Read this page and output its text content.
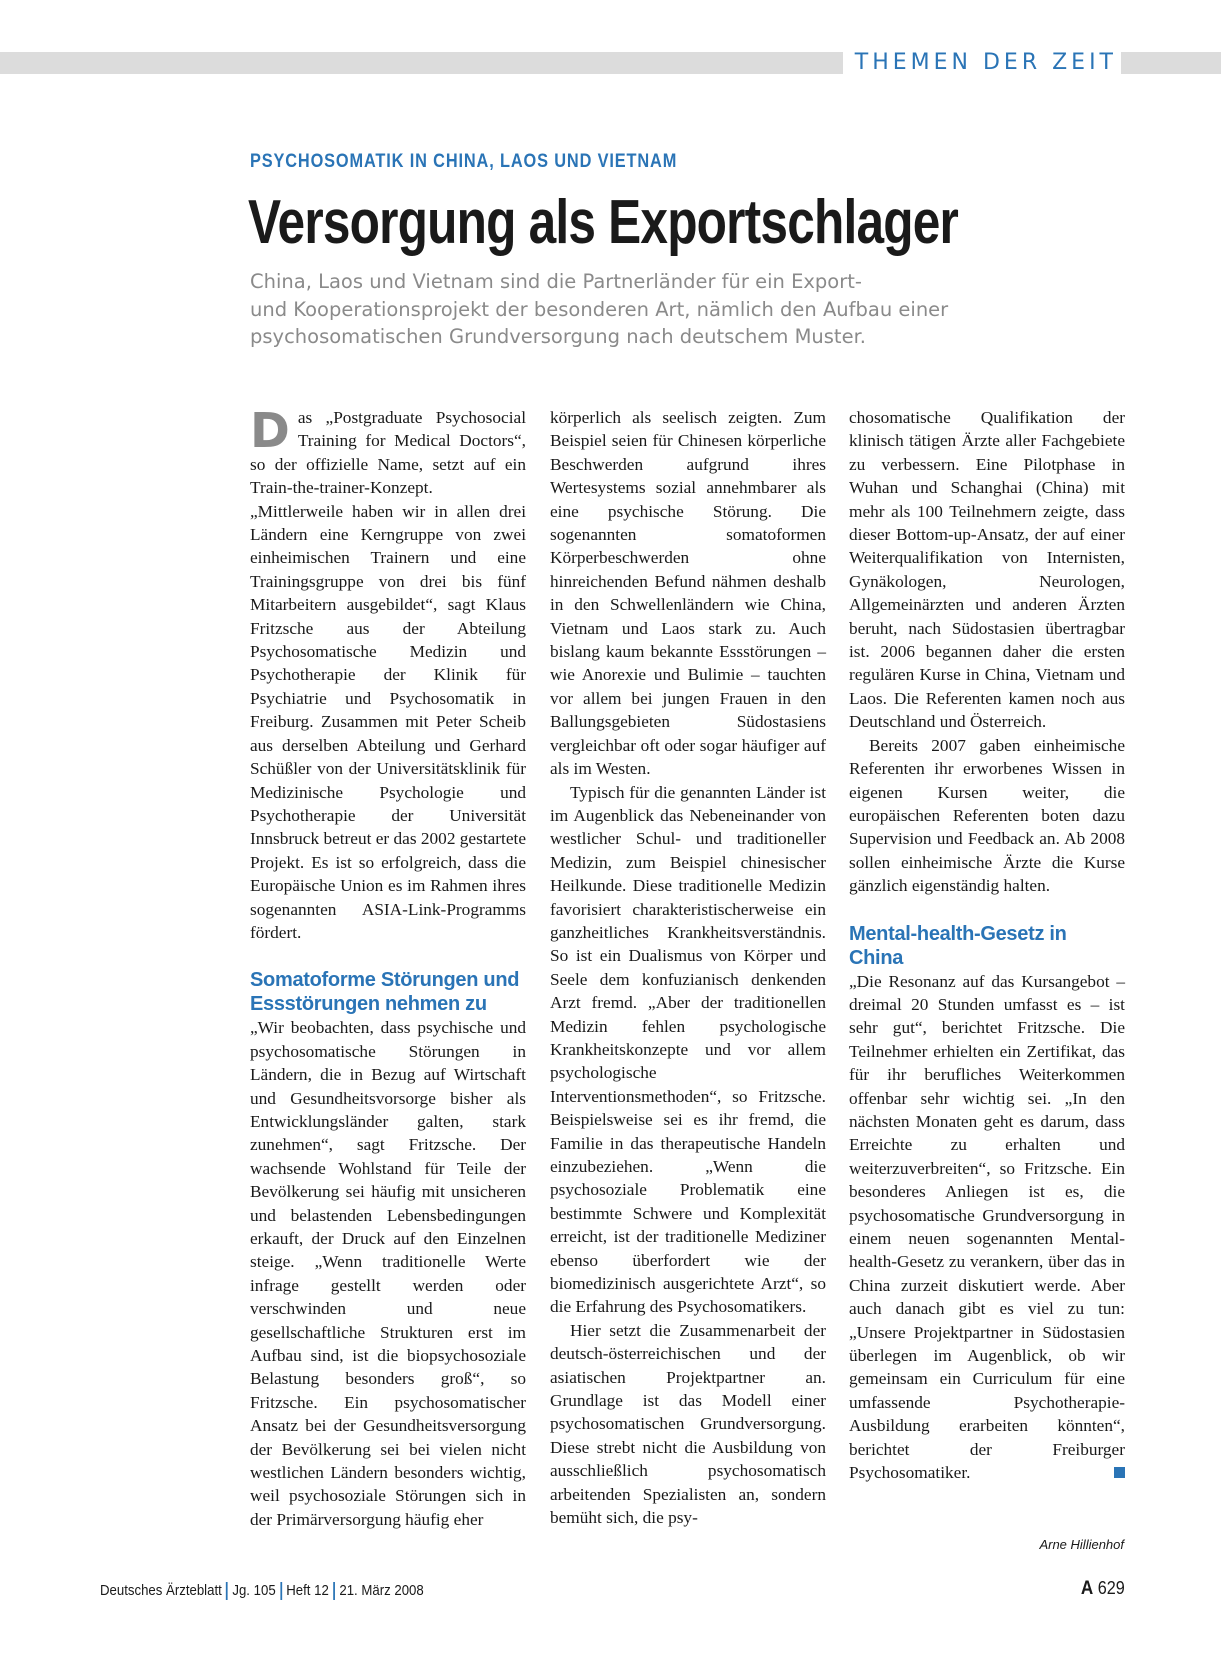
THEMEN DER ZEIT
PSYCHOSOMATIK IN CHINA, LAOS UND VIETNAM
Versorgung als Exportschlager
China, Laos und Vietnam sind die Partnerländer für ein Export-
und Kooperationsprojekt der besonderen Art, nämlich den Aufbau einer
psychosomatischen Grundversorgung nach deutschem Muster.

Das „Postgraduate Psychosocial Training for Medical Doctors“, so der offizielle Name, setzt auf ein Train-the-trainer-Konzept. „Mittlerweile haben wir in allen drei Ländern eine Kerngruppe von zwei einheimischen Trainern und eine Trainingsgruppe von drei bis fünf Mitarbeitern ausgebildet“, sagt Klaus Fritzsche aus der Abteilung Psychosomatische Medizin und Psychotherapie der Klinik für Psychiatrie und Psychosomatik in Freiburg. Zusammen mit Peter Scheib aus derselben Abteilung und Gerhard Schüßler von der Universitätsklinik für Medizinische Psychologie und Psychotherapie der Universität Innsbruck betreut er das 2002 gestartete Projekt. Es ist so erfolgreich, dass die Europäische Union es im Rahmen ihres sogenannten ASIA-Link-Programms fördert.

Somatoforme Störungen und Essstörungen nehmen zu

„Wir beobachten, dass psychische und psychosomatische Störungen in Ländern, die in Bezug auf Wirtschaft und Gesundheitsvorsorge bisher als Entwicklungsländer galten, stark zunehmen“, sagt Fritzsche. Der wachsende Wohlstand für Teile der Bevölkerung sei häufig mit unsicheren und belastenden Lebensbedingungen erkauft, der Druck auf den Einzelnen steige. „Wenn traditionelle Werte infrage gestellt werden oder verschwinden und neue gesellschaftliche Strukturen erst im Aufbau sind, ist die biopsychosoziale Belastung besonders groß“, so Fritzsche. Ein psychosomatischer Ansatz bei der Gesundheitsversorgung der Bevölkerung sei bei vielen nicht westlichen Ländern besonders wichtig, weil psychosoziale Störungen sich in der Primärversorgung häufig eher

körperlich als seelisch zeigten. Zum Beispiel seien für Chinesen körperliche Beschwerden aufgrund ihres Wertesystems sozial annehmbarer als eine psychische Störung. Die sogenannten somatoformen Körperbeschwerden ohne hinreichenden Befund nähmen deshalb in den Schwellenländern wie China, Vietnam und Laos stark zu. Auch bislang kaum bekannte Essstörungen – wie Anorexie und Bulimie – tauchten vor allem bei jungen Frauen in den Ballungsgebieten Südostasiens vergleichbar oft oder sogar häufiger auf als im Westen.

Typisch für die genannten Länder ist im Augenblick das Nebeneinander von westlicher Schul- und traditioneller Medizin, zum Beispiel chinesischer Heilkunde. Diese traditionelle Medizin favorisiert charakteristischerweise ein ganzheitliches Krankheitsverständnis. So ist ein Dualismus von Körper und Seele dem konfuzianisch denkenden Arzt fremd. „Aber der traditionellen Medizin fehlen psychologische Krankheitskonzepte und vor allem psychologische Interventionsmethoden“, so Fritzsche. Beispielsweise sei es ihr fremd, die Familie in das therapeutische Handeln einzubeziehen. „Wenn die psychosoziale Problematik eine bestimmte Schwere und Komplexität erreicht, ist der traditionelle Mediziner ebenso überfordert wie der biomedizinisch ausgerichtete Arzt“, so die Erfahrung des Psychosomatikers.

Hier setzt die Zusammenarbeit der deutsch-österreichischen und der asiatischen Projektpartner an. Grundlage ist das Modell einer psychosomatischen Grundversorgung. Diese strebt nicht die Ausbildung von ausschließlich psychosomatisch arbeitenden Spezialisten an, sondern bemüht sich, die psy-

chosomatische Qualifikation der klinisch tätigen Ärzte aller Fachgebiete zu verbessern. Eine Pilotphase in Wuhan und Schanghai (China) mit mehr als 100 Teilnehmern zeigte, dass dieser Bottom-up-Ansatz, der auf einer Weiterqualifikation von Internisten, Gynäkologen, Neurologen, Allgemeinärzten und anderen Ärzten beruht, nach Südostasien übertragbar ist. 2006 begannen daher die ersten regulären Kurse in China, Vietnam und Laos. Die Referenten kamen noch aus Deutschland und Österreich.

Bereits 2007 gaben einheimische Referenten ihr erworbenes Wissen in eigenen Kursen weiter, die europäischen Referenten boten dazu Supervision und Feedback an. Ab 2008 sollen einheimische Ärzte die Kurse gänzlich eigenständig halten.

Mental-health-Gesetz in China

„Die Resonanz auf das Kursangebot – dreimal 20 Stunden umfasst es – ist sehr gut“, berichtet Fritzsche. Die Teilnehmer erhielten ein Zertifikat, das für ihr berufliches Weiterkommen offenbar sehr wichtig sei. „In den nächsten Monaten geht es darum, dass Erreichte zu erhalten und weiterzuverbreiten“, so Fritzsche. Ein besonderes Anliegen ist es, die psychosomatische Grundversorgung in einem neuen sogenannten Mental-health-Gesetz zu verankern, über das in China zurzeit diskutiert werde. Aber auch danach gibt es viel zu tun: „Unsere Projektpartner in Südostasien überlegen im Augenblick, ob wir gemeinsam ein Curriculum für eine umfassende Psychotherapie-Ausbildung erarbeiten könnten“, berichtet der Freiburger Psychosomatiker.

Arne Hillienhof
Deutsches Ärzteblatt Jg. 105 Heft 12 21. März 2008	A 629
